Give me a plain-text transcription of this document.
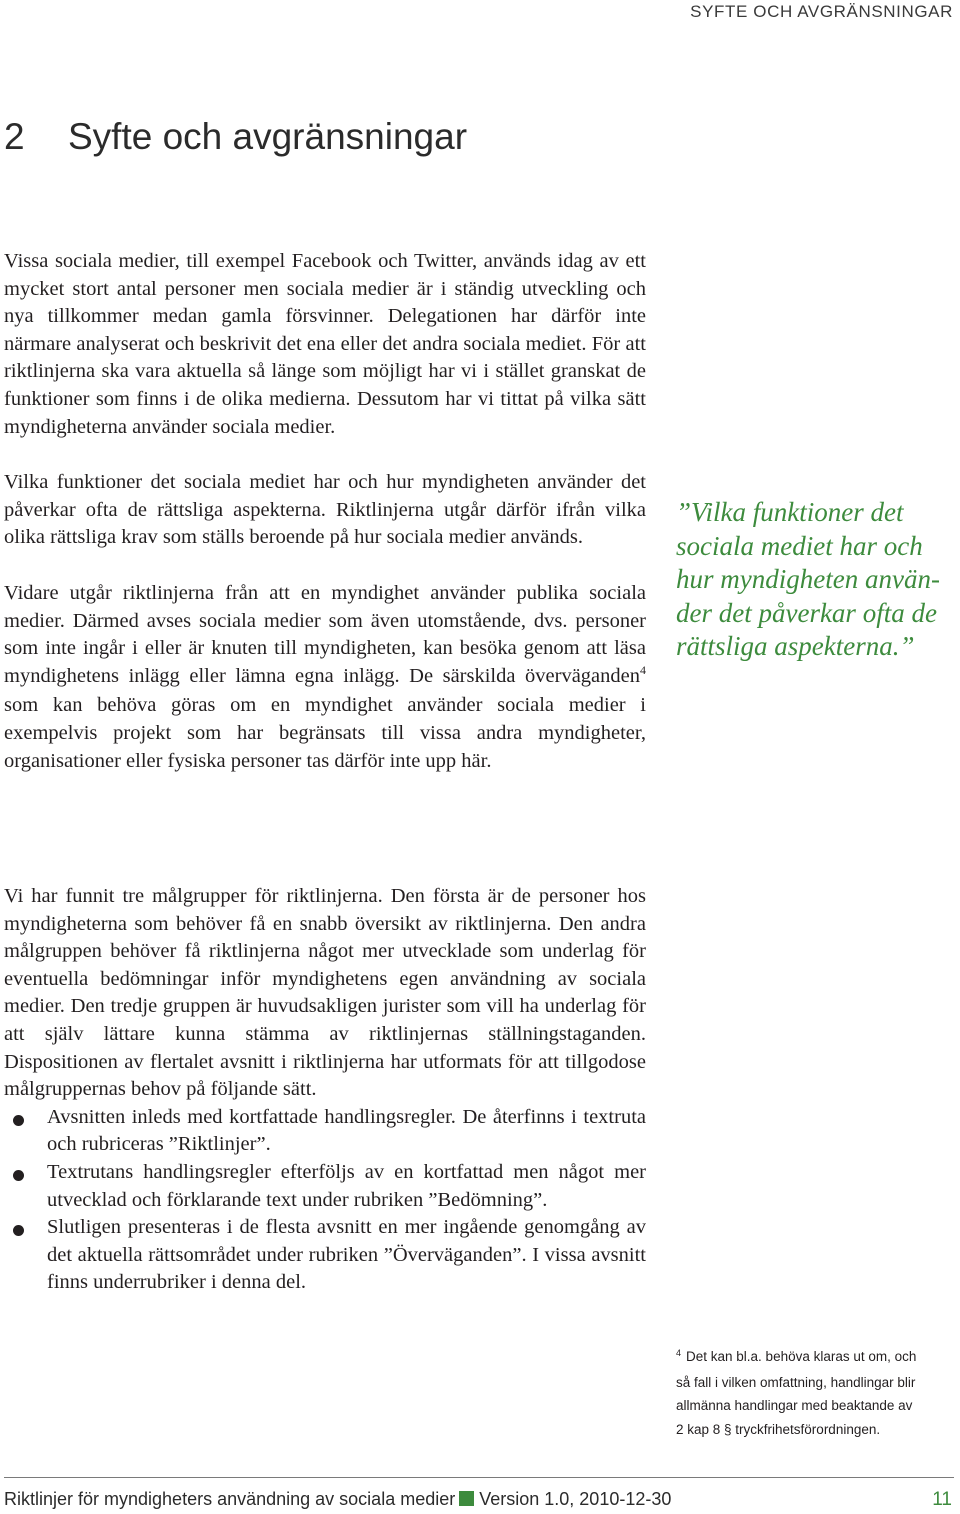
SYFTE OCH AVGRÄNSNINGAR
2 Syfte och avgränsningar

Vissa sociala medier, till exempel Facebook och Twitter, används idag av ett mycket stort antal personer men sociala medier är i ständig utveckling och nya tillkommer medan gamla försvinner. Delegationen har därför inte närmare analyserat och beskrivit det ena eller det andra sociala mediet. För att riktlinjerna ska vara aktuella så länge som möjligt har vi i stället granskat de funktioner som finns i de olika medierna. Dessutom har vi tittat på vilka sätt myndigheterna använder sociala medier.

Vilka funktioner det sociala mediet har och hur myndigheten använder det påverkar ofta de rättsliga aspekterna. Riktlinjerna utgår därför ifrån vilka olika rättsliga krav som ställs beroende på hur sociala medier används.

Vidare utgår riktlinjerna från att en myndighet använder publika sociala medier. Därmed avses sociala medier som även utomstående, dvs. personer som inte ingår i eller är knuten till myndigheten, kan besöka genom att läsa myndighetens inlägg eller lämna egna inlägg. De särskilda överväganden$^4$ som kan behöva göras om en myndighet använder sociala medier i exempelvis projekt som har begränsats till vissa andra myndigheter, organisationer eller fysiska personer tas därför inte upp här.

Vi har funnit tre målgrupper för riktlinjerna. Den första är de personer hos myndigheterna som behöver få en snabb översikt av riktlinjerna. Den andra målgruppen behöver få riktlinjerna något mer utvecklade som underlag för eventuella bedömningar inför myndighetens egen användning av sociala medier. Den tredje gruppen är huvudsakligen jurister som vill ha underlag för att själv lättare kunna stämma av riktlinjernas ställningstaganden. Dispositionen av flertalet avsnitt i riktlinjerna har utformats för att tillgodose målgruppernas behov på följande sätt.

Avsnitten inleds med kortfattade handlingsregler. De återfinns i textruta och rubriceras ”Riktlinjer”.
Textrutans handlingsregler efterföljs av en kortfattad men något mer utvecklad och förklarande text under rubriken ”Bedömning”.
Slutligen presenteras i de flesta avsnitt en mer ingående genomgång av det aktuella rättsområdet under rubriken ”Överväganden”. I vissa avsnitt finns underrubriker i denna del.
”Vilka funktioner det
sociala mediet har och
hur myndigheten använ-
der det påverkar ofta de
rättsliga aspekterna.”
$^4$ Det kan bl.a. behöva klaras ut om, och
så fall i vilken omfattning, handlingar blir
allmänna handlingar med beaktande av
2 kap 8 § tryckfrihetsförordningen.
Riktlinjer för myndigheters användning av sociala medier Version 1.0, 2010-12-30	11
